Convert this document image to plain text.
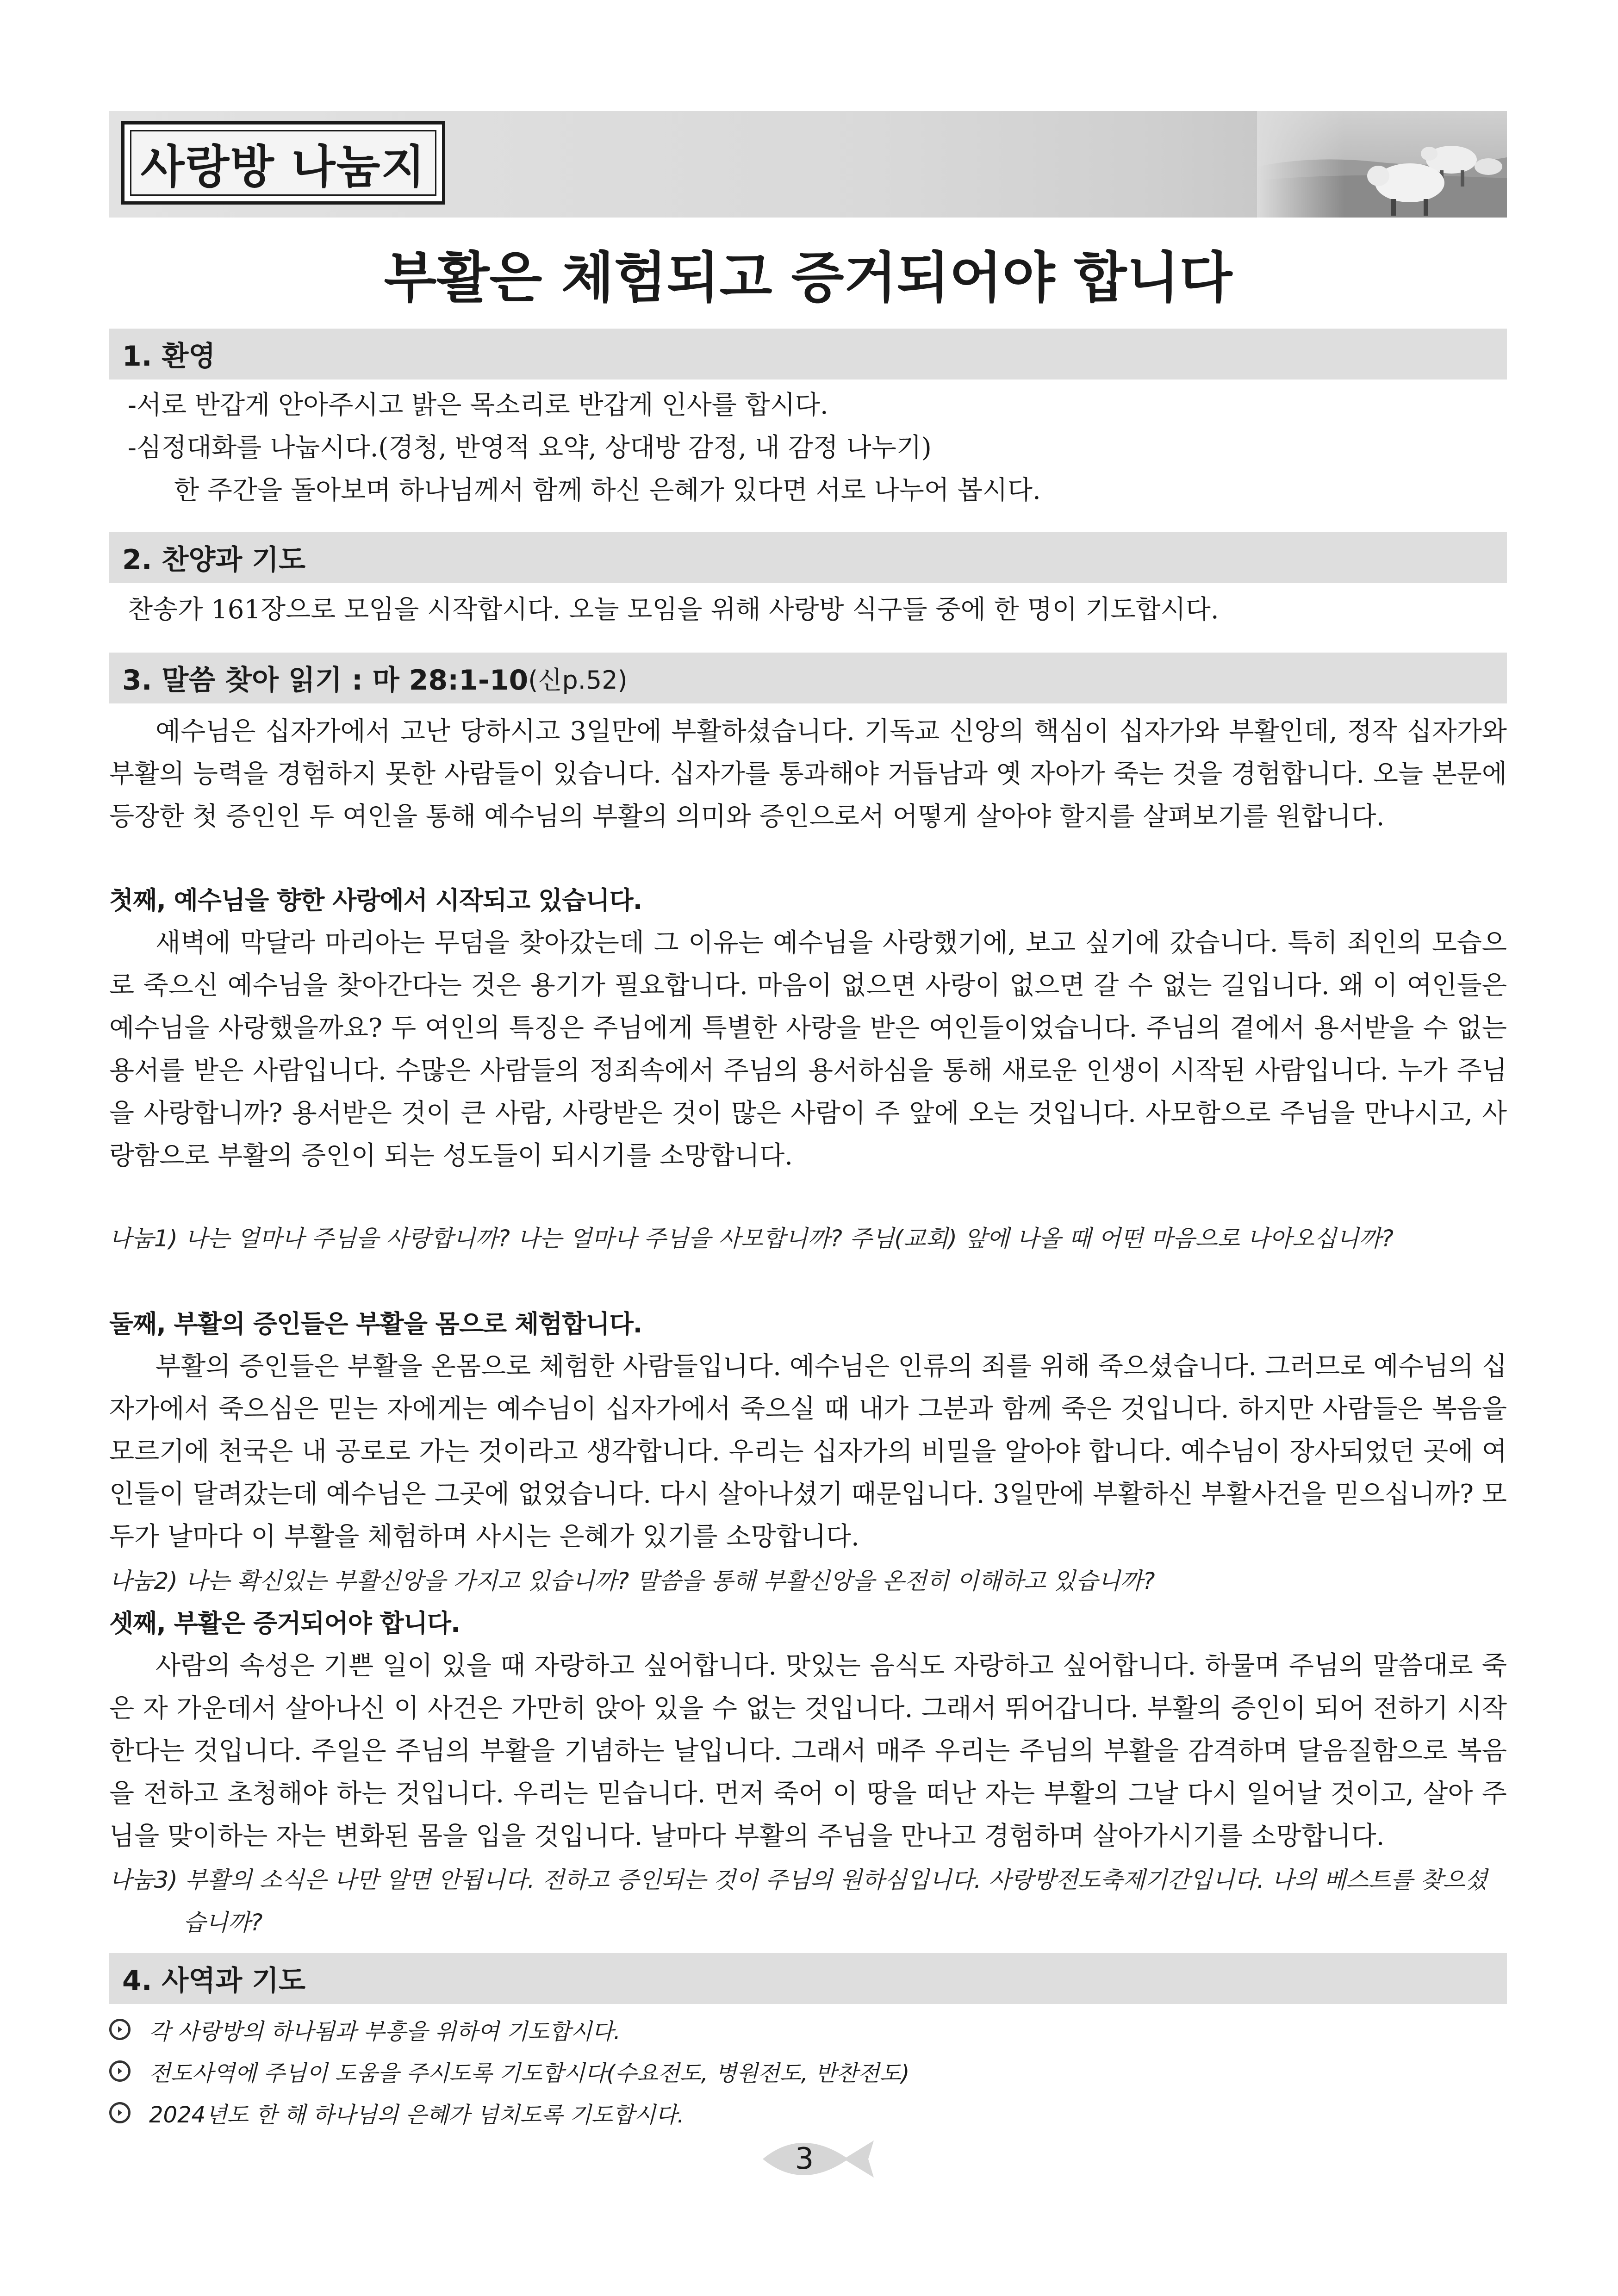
사랑방 나눔지
부활은 체험되고 증거되어야 합니다
1. 환영
-서로 반갑게 안아주시고 밝은 목소리로 반갑게 인사를 합시다.
-심정대화를 나눕시다.(경청, 반영적 요약, 상대방 감정, 내 감정 나누기)
한 주간을 돌아보며 하나님께서 함께 하신 은혜가 있다면 서로 나누어 봅시다.
2. 찬양과 기도
찬송가 161장으로 모임을 시작합시다. 오늘 모임을 위해 사랑방 식구들 중에 한 명이 기도합시다.
3. 말씀 찾아 읽기 : 마 28:1-10 (신p.52)

예수님은 십자가에서 고난 당하시고 3일만에 부활하셨습니다. 기독교 신앙의 핵심이 십자가와 부활인데, 정작 십자가와 부활의 능력을 경험하지 못한 사람들이 있습니다. 십자가를 통과해야 거듭남과 옛 자아가 죽는 것을 경험합니다. 오늘 본문에 등장한 첫 증인인 두 여인을 통해 예수님의 부활의 의미와 증인으로서 어떻게 살아야 할지를 살펴보기를 원합니다.

첫째, 예수님을 향한 사랑에서 시작되고 있습니다.

새벽에 막달라 마리아는 무덤을 찾아갔는데 그 이유는 예수님을 사랑했기에, 보고 싶기에 갔습니다. 특히 죄인의 모습으로 죽으신 예수님을 찾아간다는 것은 용기가 필요합니다. 마음이 없으면 사랑이 없으면 갈 수 없는 길입니다. 왜 이 여인들은 예수님을 사랑했을까요? 두 여인의 특징은 주님에게 특별한 사랑을 받은 여인들이었습니다. 주님의 곁에서 용서받을 수 없는 용서를 받은 사람입니다. 수많은 사람들의 정죄속에서 주님의 용서하심을 통해 새로운 인생이 시작된 사람입니다. 누가 주님을 사랑합니까? 용서받은 것이 큰 사람, 사랑받은 것이 많은 사람이 주 앞에 오는 것입니다. 사모함으로 주님을 만나시고, 사랑함으로 부활의 증인이 되는 성도들이 되시기를 소망합니다.

나눔1) 나는 얼마나 주님을 사랑합니까? 나는 얼마나 주님을 사모합니까? 주님(교회) 앞에 나올 때 어떤 마음으로 나아오십니까?
둘째, 부활의 증인들은 부활을 몸으로 체험합니다.

부활의 증인들은 부활을 온몸으로 체험한 사람들입니다. 예수님은 인류의 죄를 위해 죽으셨습니다. 그러므로 예수님의 십자가에서 죽으심은 믿는 자에게는 예수님이 십자가에서 죽으실 때 내가 그분과 함께 죽은 것입니다. 하지만 사람들은 복음을 모르기에 천국은 내 공로로 가는 것이라고 생각합니다. 우리는 십자가의 비밀을 알아야 합니다. 예수님이 장사되었던 곳에 여인들이 달려갔는데 예수님은 그곳에 없었습니다. 다시 살아나셨기 때문입니다. 3일만에 부활하신 부활사건을 믿으십니까? 모두가 날마다 이 부활을 체험하며 사시는 은혜가 있기를 소망합니다.

나눔2) 나는 확신있는 부활신앙을 가지고 있습니까? 말씀을 통해 부활신앙을 온전히 이해하고 있습니까?
셋째, 부활은 증거되어야 합니다.

사람의 속성은 기쁜 일이 있을 때 자랑하고 싶어합니다. 맛있는 음식도 자랑하고 싶어합니다. 하물며 주님의 말씀대로 죽은 자 가운데서 살아나신 이 사건은 가만히 앉아 있을 수 없는 것입니다. 그래서 뛰어갑니다. 부활의 증인이 되어 전하기 시작한다는 것입니다. 주일은 주님의 부활을 기념하는 날입니다. 그래서 매주 우리는 주님의 부활을 감격하며 달음질함으로 복음을 전하고 초청해야 하는 것입니다. 우리는 믿습니다. 먼저 죽어 이 땅을 떠난 자는 부활의 그날 다시 일어날 것이고, 살아 주님을 맞이하는 자는 변화된 몸을 입을 것입니다. 날마다 부활의 주님을 만나고 경험하며 살아가시기를 소망합니다.

나눔3) 부활의 소식은 나만 알면 안됩니다. 전하고 증인되는 것이 주님의 원하심입니다. 사랑방전도축제기간입니다. 나의 베스트를 찾으셨습니까?
4. 사역과 기도
각 사랑방의 하나됨과 부흥을 위하여 기도합시다.
전도사역에 주님이 도움을 주시도록 기도합시다(수요전도, 병원전도, 반찬전도)
2024년도 한 해 하나님의 은혜가 넘치도록 기도합시다.
3
